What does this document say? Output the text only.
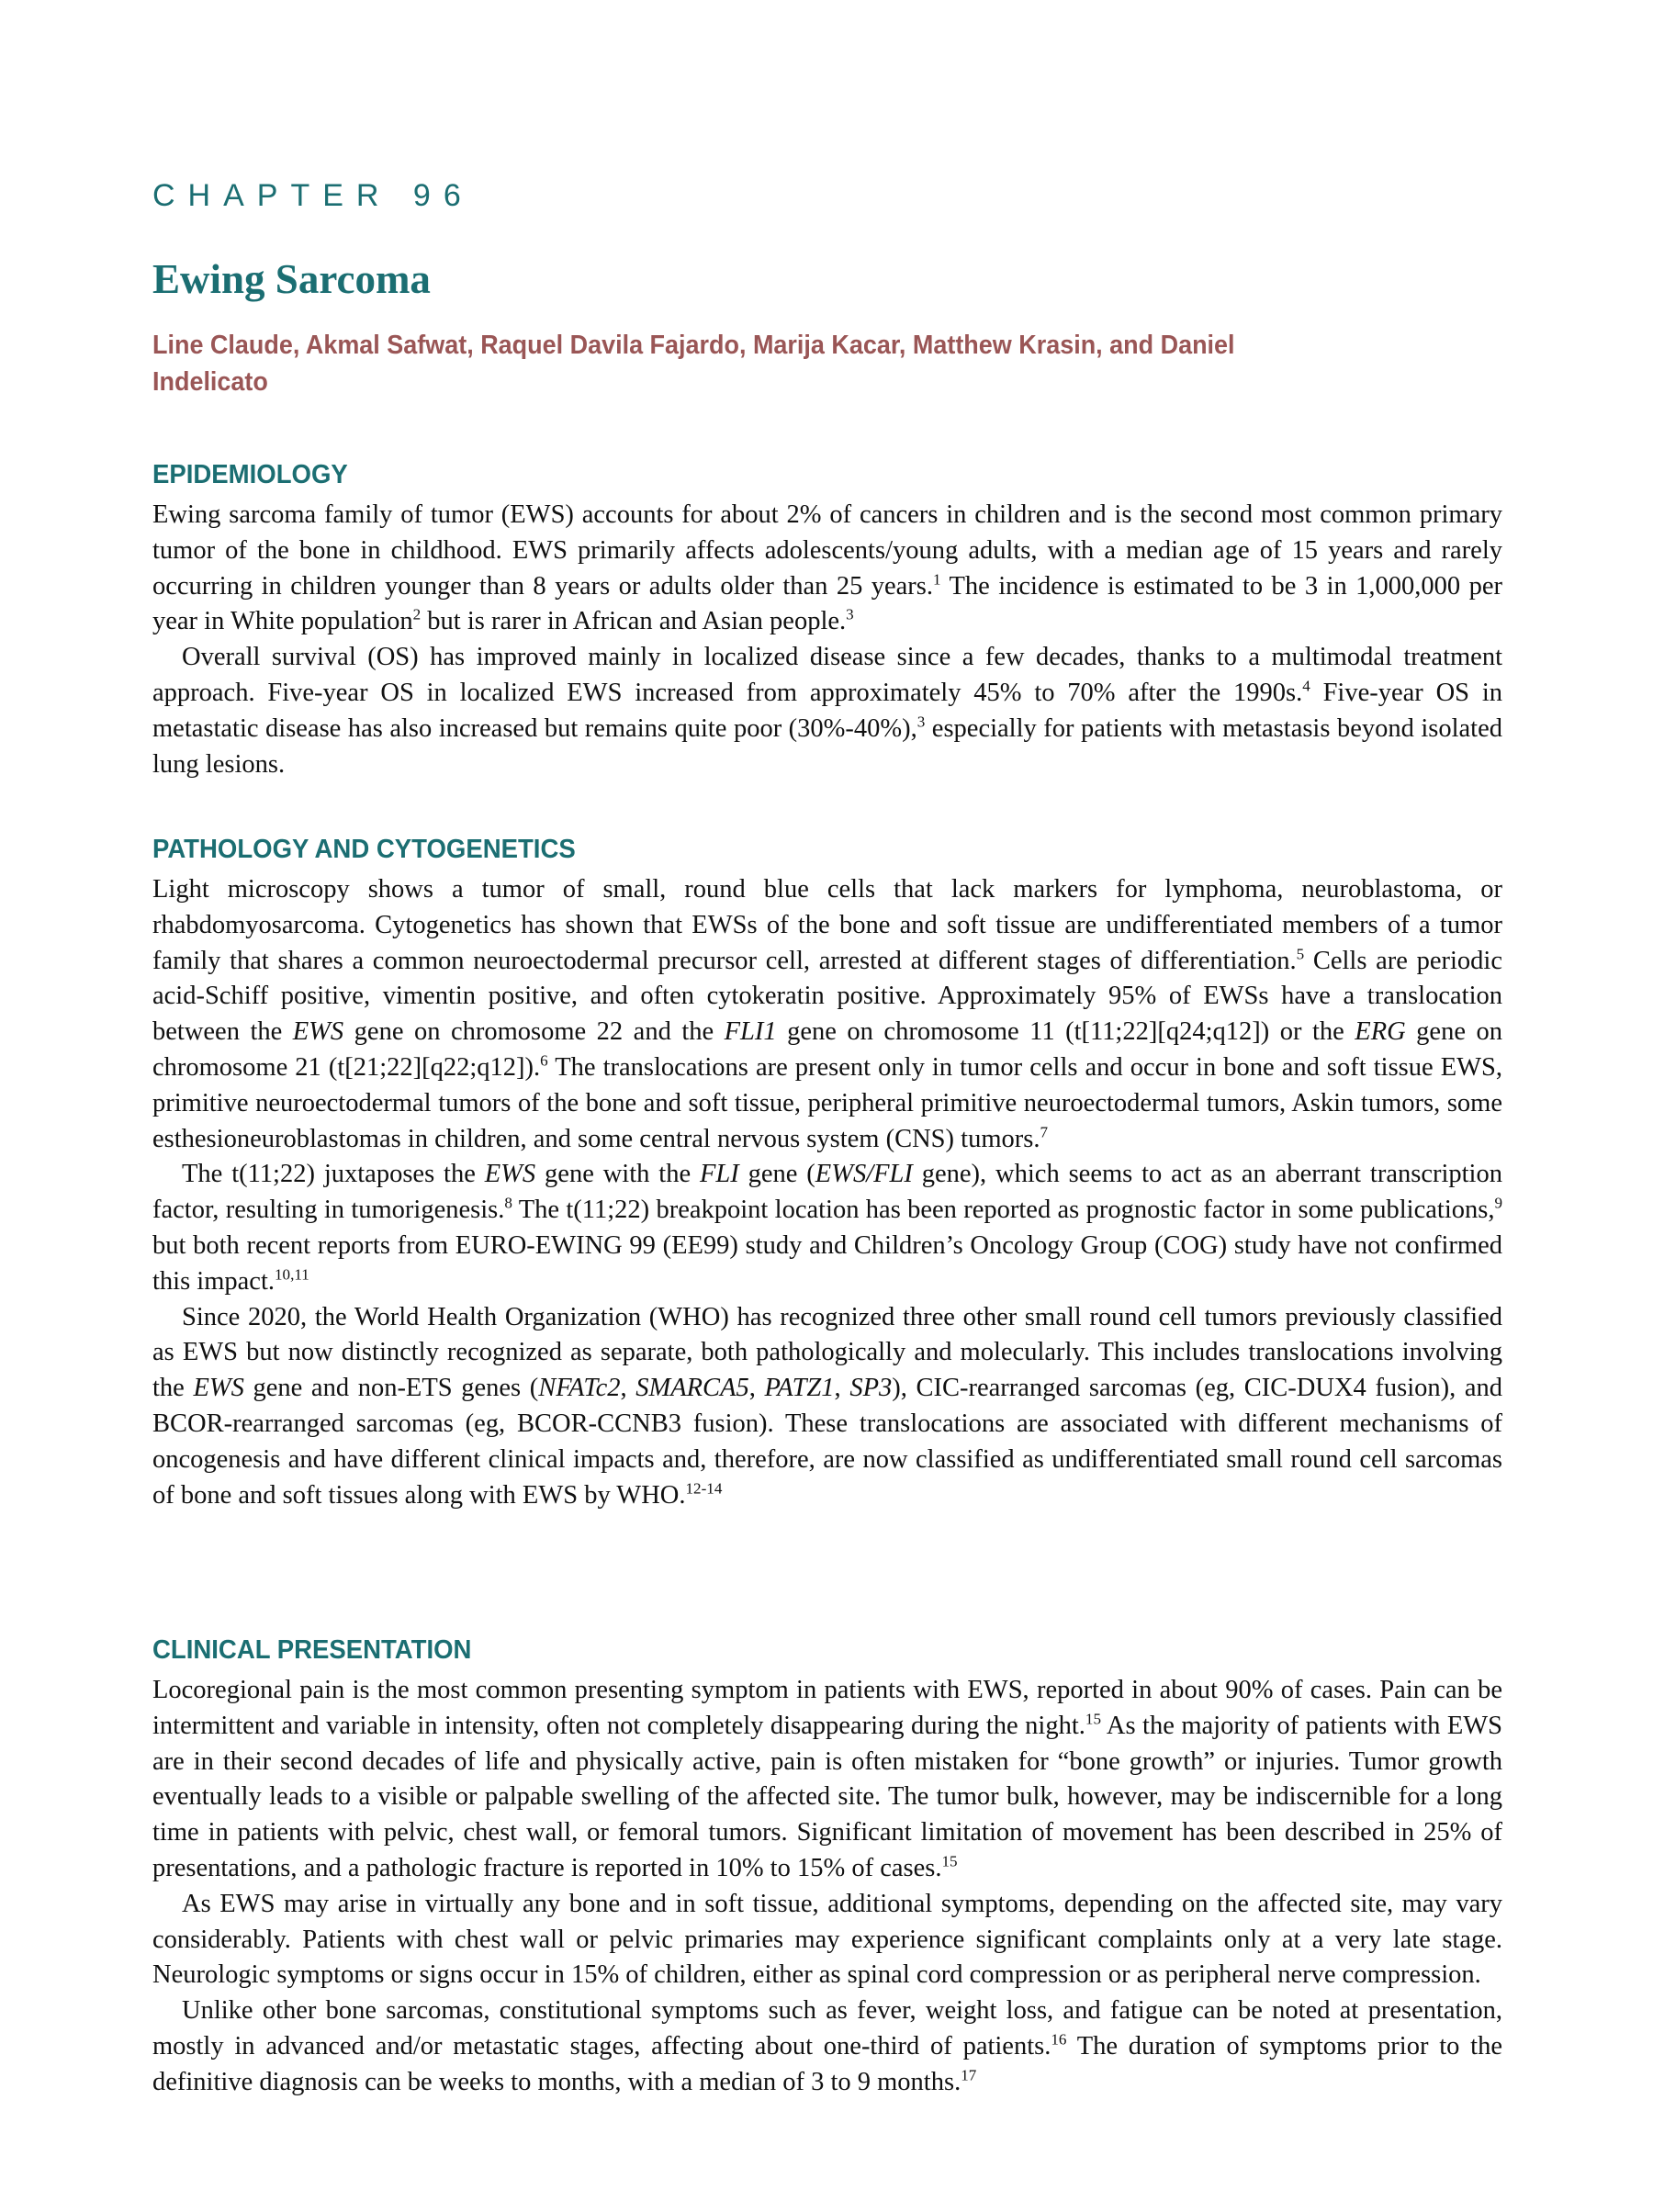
CHAPTER 96
Ewing Sarcoma

Line Claude, Akmal Safwat, Raquel Davila Fajardo, Marija Kacar, Matthew Krasin, and Daniel Indelicato

EPIDEMIOLOGY

Ewing sarcoma family of tumor (EWS) accounts for about 2% of cancers in children and is the second most common primary tumor of the bone in childhood. EWS primarily affects adolescents/young adults, with a median age of 15 years and rarely occurring in children younger than 8 years or adults older than 25 years.$^1$ The incidence is estimated to be 3 in 1,000,000 per year in White population$^2$ but is rarer in African and Asian people.$^3$

Overall survival (OS) has improved mainly in localized disease since a few decades, thanks to a multimodal treatment approach. Five-year OS in localized EWS increased from approximately 45% to 70% after the 1990s.$^4$ Five-year OS in metastatic disease has also increased but remains quite poor (30%-40%),$^3$ especially for patients with metastasis beyond isolated lung lesions.

PATHOLOGY AND CYTOGENETICS

Light microscopy shows a tumor of small, round blue cells that lack markers for lymphoma, neuroblastoma, or rhabdomyosarcoma. Cytogenetics has shown that EWSs of the bone and soft tissue are undifferentiated members of a tumor family that shares a common neuroectodermal precursor cell, arrested at different stages of differentiation.$^5$ Cells are periodic acid-Schiff positive, vimentin positive, and often cytokeratin positive. Approximately 95% of EWSs have a translocation between the EWS gene on chromosome 22 and the FLI1 gene on chromosome 11 (t[11;22][q24;q12]) or the ERG gene on chromosome 21 (t[21;22][q22;q12]).$^6$ The translocations are present only in tumor cells and occur in bone and soft tissue EWS, primitive neuroectodermal tumors of the bone and soft tissue, peripheral primitive neuroectodermal tumors, Askin tumors, some esthesioneuroblastomas in children, and some central nervous system (CNS) tumors.$^7$

The t(11;22) juxtaposes the EWS gene with the FLI gene (EWS/FLI gene), which seems to act as an aberrant transcription factor, resulting in tumorigenesis.$^8$ The t(11;22) breakpoint location has been reported as prognostic factor in some publications,$^9$ but both recent reports from EURO-EWING 99 (EE99) study and Children’s Oncology Group (COG) study have not confirmed this impact.$^{10,11}$

Since 2020, the World Health Organization (WHO) has recognized three other small round cell tumors previously classified as EWS but now distinctly recognized as separate, both pathologically and molecularly. This includes translocations involving the EWS gene and non-ETS genes (NFATc2, SMARCA5, PATZ1, SP3), CIC-rearranged sarcomas (eg, CIC-DUX4 fusion), and BCOR-rearranged sarcomas (eg, BCOR-CCNB3 fusion). These translocations are associated with different mechanisms of oncogenesis and have different clinical impacts and, therefore, are now classified as undifferentiated small round cell sarcomas of bone and soft tissues along with EWS by WHO.$^{12-14}$

CLINICAL PRESENTATION

Locoregional pain is the most common presenting symptom in patients with EWS, reported in about 90% of cases. Pain can be intermittent and variable in intensity, often not completely disappearing during the night.$^{15}$ As the majority of patients with EWS are in their second decades of life and physically active, pain is often mistaken for “bone growth” or injuries. Tumor growth eventually leads to a visible or palpable swelling of the affected site. The tumor bulk, however, may be indiscernible for a long time in patients with pelvic, chest wall, or femoral tumors. Significant limitation of movement has been described in 25% of presentations, and a pathologic fracture is reported in 10% to 15% of cases.$^{15}$

As EWS may arise in virtually any bone and in soft tissue, additional symptoms, depending on the affected site, may vary considerably. Patients with chest wall or pelvic primaries may experience significant complaints only at a very late stage. Neurologic symptoms or signs occur in 15% of children, either as spinal cord compression or as peripheral nerve compression.

Unlike other bone sarcomas, constitutional symptoms such as fever, weight loss, and fatigue can be noted at presentation, mostly in advanced and/or metastatic stages, affecting about one-third of patients.$^{16}$ The duration of symptoms prior to the definitive diagnosis can be weeks to months, with a median of 3 to 9 months.$^{17}$
